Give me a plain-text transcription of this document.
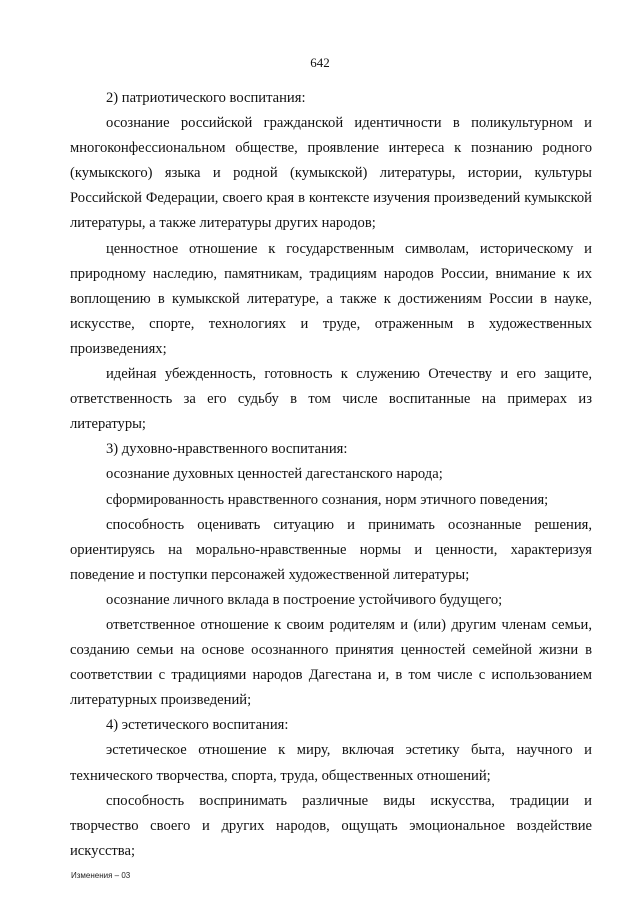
642

2) патриотического воспитания:

осознание российской гражданской идентичности в поликультурном и многоконфессиональном обществе, проявление интереса к познанию родного (кумыкского) языка и родной (кумыкской) литературы, истории, культуры Российской Федерации, своего края в контексте изучения произведений кумыкской литературы, а также литературы других народов;

ценностное отношение к государственным символам, историческому и природному наследию, памятникам, традициям народов России, внимание к их воплощению в кумыкской литературе, а также к достижениям России в науке, искусстве, спорте, технологиях и труде, отраженным в художественных произведениях;

идейная убежденность, готовность к служению Отечеству и его защите, ответственность за его судьбу в том числе воспитанные на примерах из литературы;

3) духовно-нравственного воспитания:

осознание духовных ценностей дагестанского народа;

сформированность нравственного сознания, норм этичного поведения;

способность оценивать ситуацию и принимать осознанные решения, ориентируясь на морально-нравственные нормы и ценности, характеризуя поведение и поступки персонажей художественной литературы;

осознание личного вклада в построение устойчивого будущего;

ответственное отношение к своим родителям и (или) другим членам семьи, созданию семьи на основе осознанного принятия ценностей семейной жизни в соответствии с традициями народов Дагестана и, в том числе с использованием литературных произведений;

4) эстетического воспитания:

эстетическое отношение к миру, включая эстетику быта, научного и технического творчества, спорта, труда, общественных отношений;

способность воспринимать различные виды искусства, традиции и творчество своего и других народов, ощущать эмоциональное воздействие искусства;

Изменения – 03
